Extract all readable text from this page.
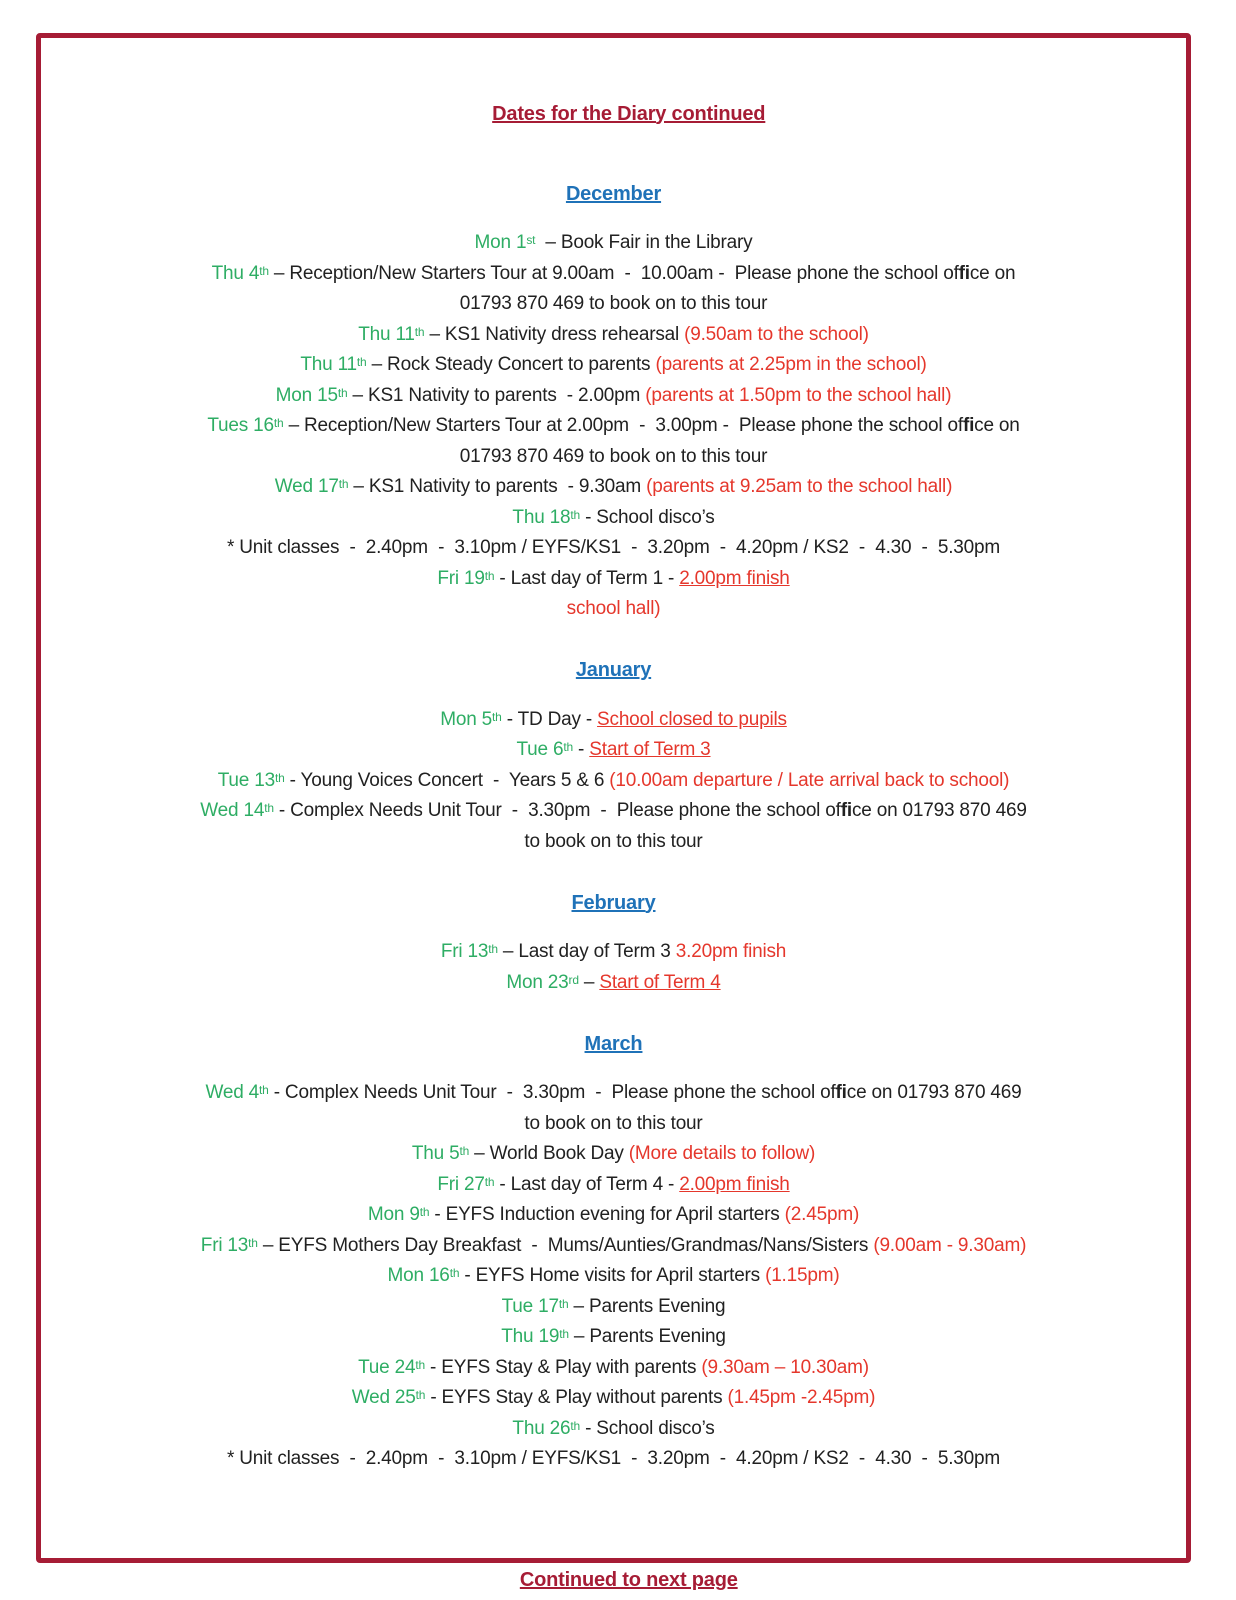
Dates for the Diary continued

December
Mon 1st  – Book Fair in the Library
Thu 4th – Reception/New Starters Tour at 9.00am  -  10.00am -  Please phone the school office on
01793 870 469 to book on to this tour
Thu 11th – KS1 Nativity dress rehearsal (9.50am to the school)
Thu 11th – Rock Steady Concert to parents (parents at 2.25pm in the school)
Mon 15th – KS1 Nativity to parents  - 2.00pm (parents at 1.50pm to the school hall)
Tues 16th – Reception/New Starters Tour at 2.00pm  -  3.00pm -  Please phone the school office on
01793 870 469 to book on to this tour
Wed 17th – KS1 Nativity to parents  - 9.30am (parents at 9.25am to the school hall)
Thu 18th - School disco’s
* Unit classes  -  2.40pm  -  3.10pm / EYFS/KS1  -  3.20pm  -  4.20pm / KS2  -  4.30  -  5.30pm
Fri 19th - Last day of Term 1 - 2.00pm finish
school hall)
January
Mon 5th - TD Day - School closed to pupils
Tue 6th - Start of Term 3
Tue 13th - Young Voices Concert  -  Years 5 & 6 (10.00am departure / Late arrival back to school)
Wed 14th - Complex Needs Unit Tour  -  3.30pm  -  Please phone the school office on 01793 870 469
to book on to this tour
February
Fri 13th – Last day of Term 3 3.20pm finish
Mon 23rd – Start of Term 4
March
Wed 4th - Complex Needs Unit Tour  -  3.30pm  -  Please phone the school office on 01793 870 469
to book on to this tour
Thu 5th – World Book Day (More details to follow)
Fri 27th - Last day of Term 4 - 2.00pm finish
Mon 9th - EYFS Induction evening for April starters (2.45pm)
Fri 13th – EYFS Mothers Day Breakfast  -  Mums/Aunties/Grandmas/Nans/Sisters (9.00am - 9.30am)
Mon 16th - EYFS Home visits for April starters (1.15pm)
Tue 17th – Parents Evening
Thu 19th – Parents Evening
Tue 24th - EYFS Stay & Play with parents (9.30am – 10.30am)
Wed 25th - EYFS Stay & Play without parents (1.45pm -2.45pm)
Thu 26th - School disco’s
* Unit classes  -  2.40pm  -  3.10pm / EYFS/KS1  -  3.20pm  -  4.20pm / KS2  -  4.30  -  5.30pm

Continued to next page
